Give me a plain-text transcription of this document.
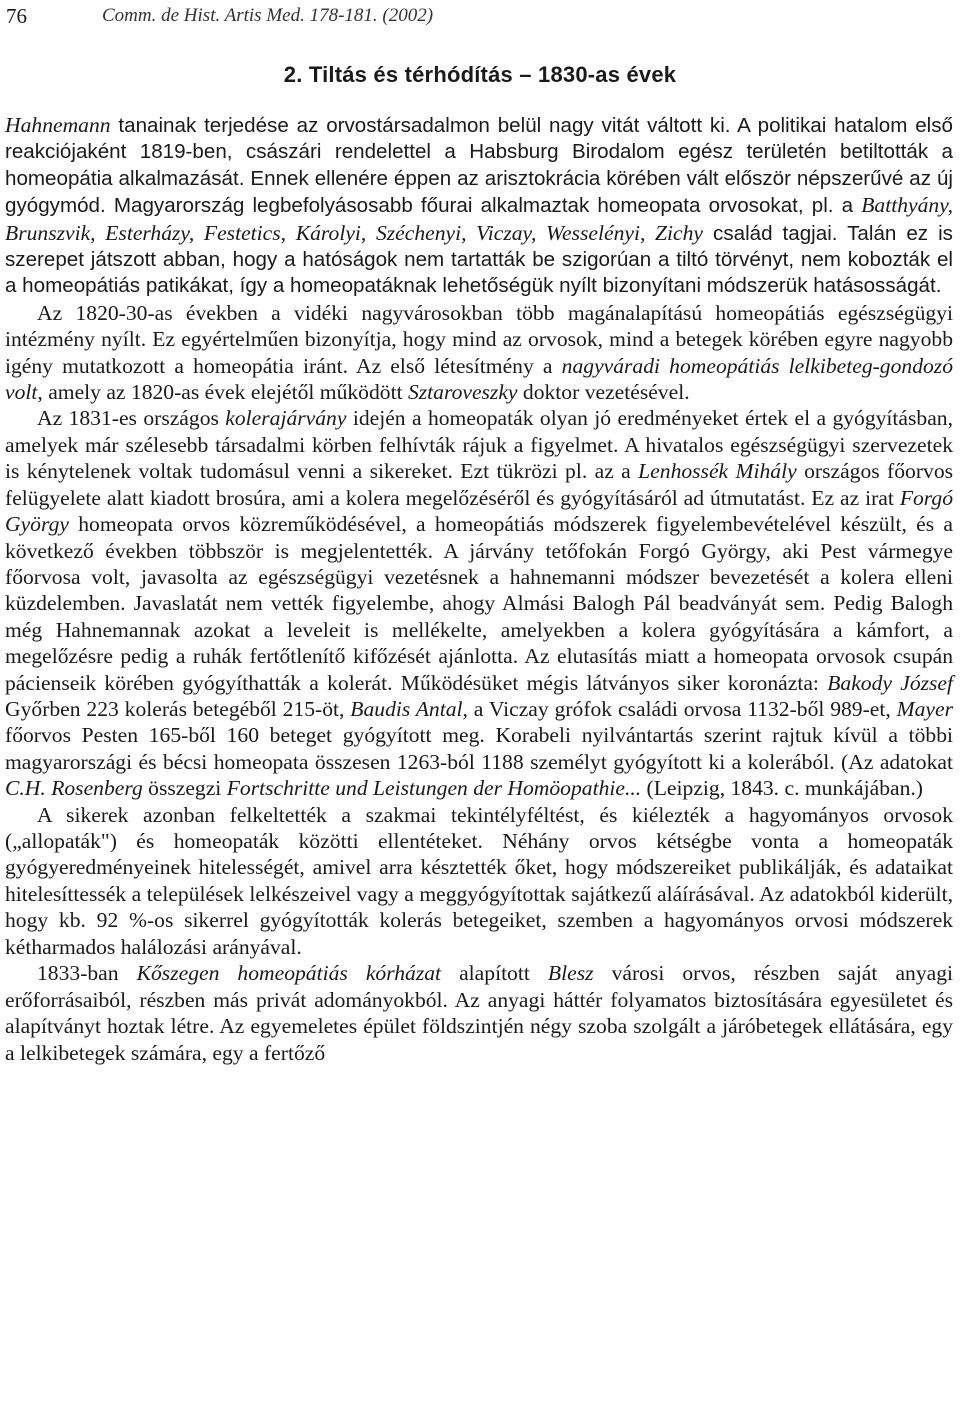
76	Comm. de Hist. Artis Med. 178-181. (2002)
2. Tiltás és térhódítás – 1830-as évek

Hahnemann tanainak terjedése az orvostársadalmon belül nagy vitát váltott ki. A politikai hatalom első reakciójaként 1819-ben, császári rendelettel a Habsburg Birodalom egész területén betiltották a homeopátia alkalmazását. Ennek ellenére éppen az arisztokrácia körében vált először népszerűvé az új gyógymód. Magyarország legbefolyásosabb főurai alkalmaztak homeopata orvosokat, pl. a Batthyány, Brunszvik, Esterházy, Festetics, Károlyi, Széchenyi, Viczay, Wesselényi, Zichy család tagjai. Talán ez is szerepet játszott abban, hogy a hatóságok nem tartatták be szigorúan a tiltó törvényt, nem kobozták el a homeopátiás patikákat, így a homeopatáknak lehetőségük nyílt bizonyítani módszerük hatásosságát.

Az 1820-30-as években a vidéki nagyvárosokban több magánalapítású homeopátiás egészségügyi intézmény nyílt. Ez egyértelműen bizonyítja, hogy mind az orvosok, mind a betegek körében egyre nagyobb igény mutatkozott a homeopátia iránt. Az első létesítmény a nagyváradi homeopátiás lelkibeteg-gondozó volt, amely az 1820-as évek elejétől működött Sztaroveszky doktor vezetésével.

Az 1831-es országos kolerajárvány idején a homeopaták olyan jó eredményeket értek el a gyógyításban, amelyek már szélesebb társadalmi körben felhívták rájuk a figyelmet. A hivatalos egészségügyi szervezetek is kénytelenek voltak tudomásul venni a sikereket. Ezt tükrözi pl. az a Lenhossék Mihály országos főorvos felügyelete alatt kiadott brosúra, ami a kolera megelőzéséről és gyógyításáról ad útmutatást. Ez az irat Forgó György homeopata orvos közreműködésével, a homeopátiás módszerek figyelembevételével készült, és a következő években többször is megjelentették. A járvány tetőfokán Forgó György, aki Pest vármegye főorvosa volt, javasolta az egészségügyi vezetésnek a hahnemanni módszer bevezetését a kolera elleni küzdelemben. Javaslatát nem vették figyelembe, ahogy Almási Balogh Pál beadványát sem. Pedig Balogh még Hahnemannak azokat a leveleit is mellékelte, amelyekben a kolera gyógyítására a kámfort, a megelőzésre pedig a ruhák fertőtlenítő kifőzését ajánlotta. Az elutasítás miatt a homeopata orvosok csupán pácienseik körében gyógyíthatták a kolerát. Működésüket mégis látványos siker koronázta: Bakody József Győrben 223 kolerás betegéből 215-öt, Baudis Antal, a Viczay grófok családi orvosa 1132-ből 989-et, Mayer főorvos Pesten 165-ből 160 beteget gyógyított meg. Korabeli nyilvántartás szerint rajtuk kívül a többi magyarországi és bécsi homeopata összesen 1263-ból 1188 személyt gyógyított ki a kolerából. (Az adatokat C.H. Rosenberg összegzi Fortschritte und Leistungen der Homöopathie... (Leipzig, 1843. c. munkájában.)

A sikerek azonban felkeltették a szakmai tekintélyféltést, és kiélezték a hagyományos orvosok („allopaták") és homeopaták közötti ellentéteket. Néhány orvos kétségbe vonta a homeopaták gyógyeredményeinek hitelességét, amivel arra késztették őket, hogy módszereiket publikálják, és adataikat hitelesíttessék a települések lelkészeivel vagy a meggyógyítottak sajátkezű aláírásával. Az adatokból kiderült, hogy kb. 92 %-os sikerrel gyógyították kolerás betegeiket, szemben a hagyományos orvosi módszerek kétharmados halálozási arányával.

1833-ban Kőszegen homeopátiás kórházat alapított Blesz városi orvos, részben saját anyagi erőforrásaiból, részben más privát adományokból. Az anyagi háttér folyamatos biztosítására egyesületet és alapítványt hoztak létre. Az egyemeletes épület földszintjén négy szoba szolgált a járóbetegek ellátására, egy a lelkibetegek számára, egy a fertőző
